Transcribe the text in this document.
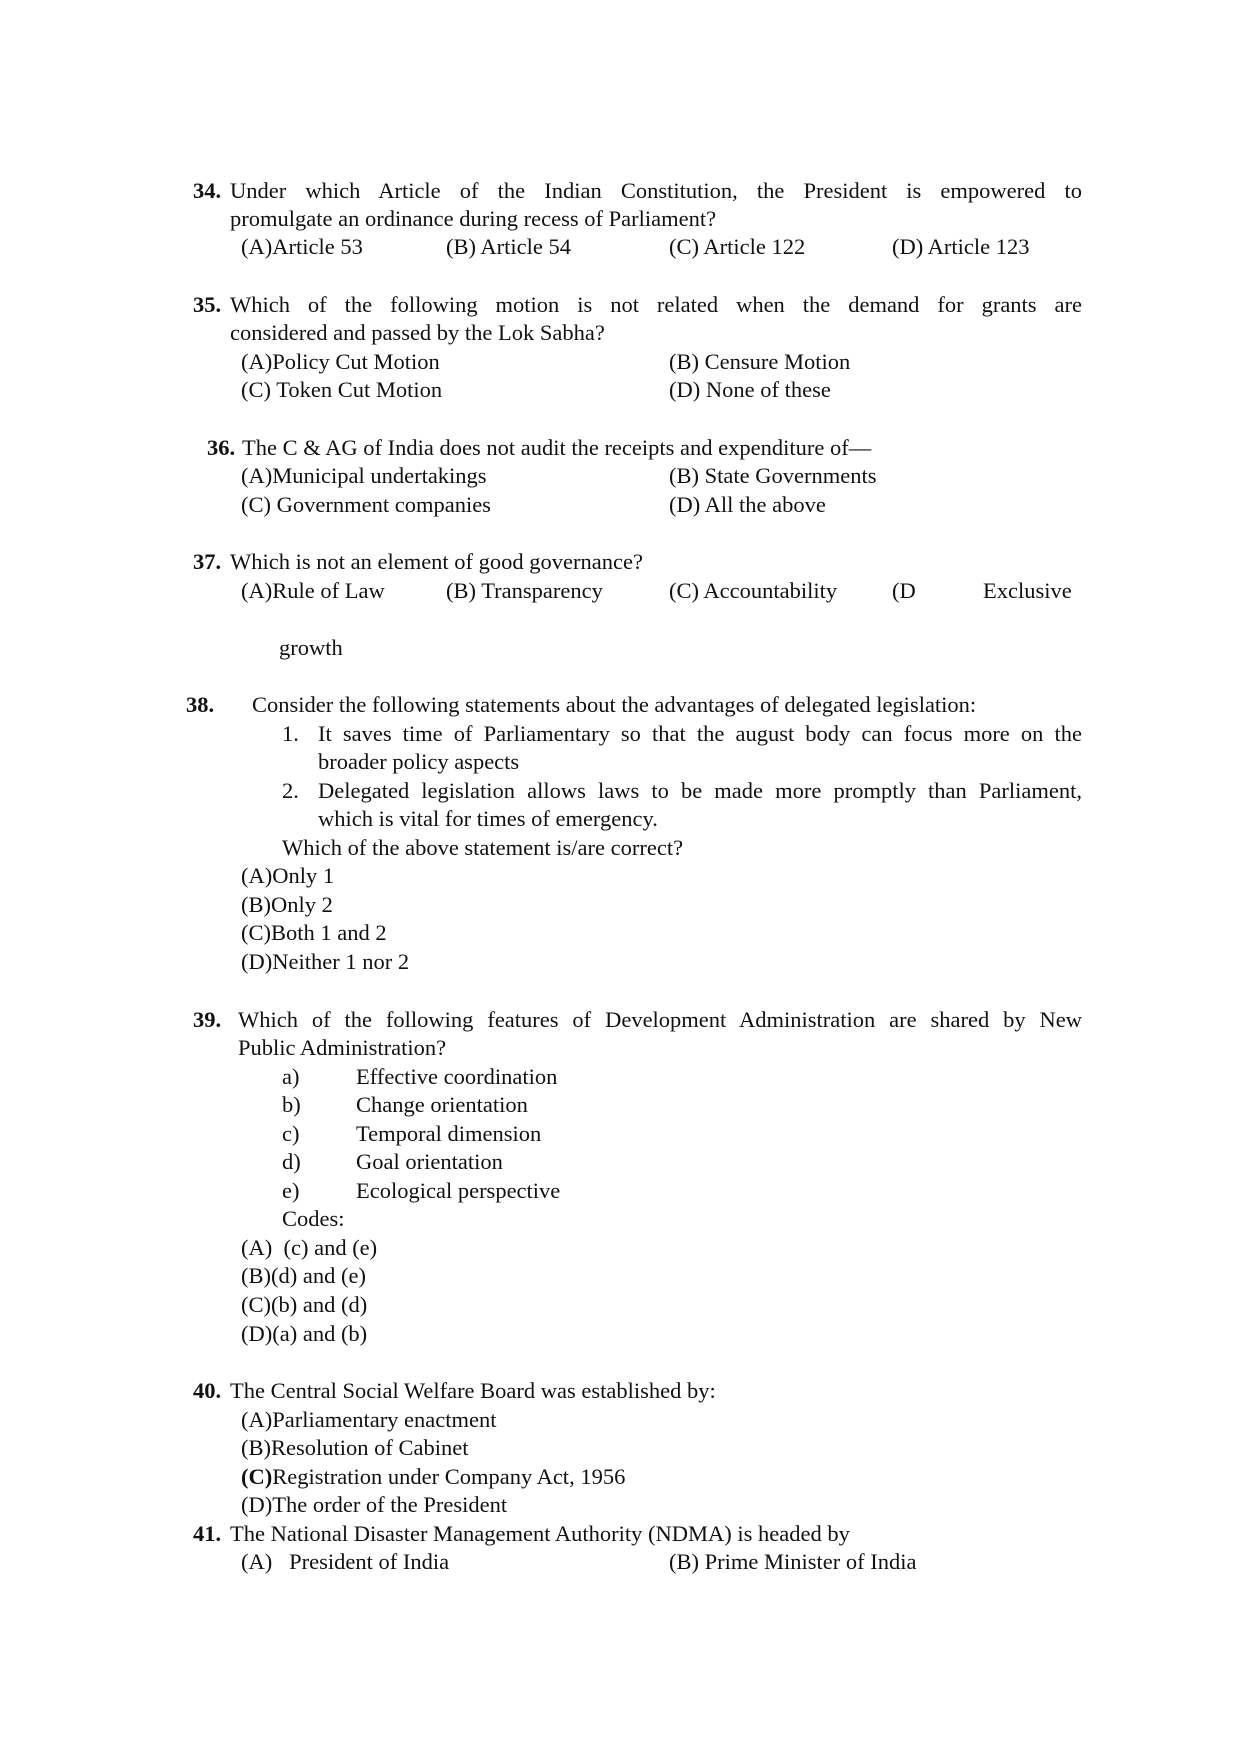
34. Under which Article of the Indian Constitution, the President is empowered to
promulgate an ordinance during recess of Parliament?
(A)Article 53	(B) Article 54	(C) Article 122	(D) Article 123
35. Which of the following motion is not related when the demand for grants are
considered and passed by the Lok Sabha?
(A)Policy Cut Motion	(B) Censure Motion
(C) Token Cut Motion	(D) None of these
36. The C & AG of India does not audit the receipts and expenditure of—
(A)Municipal undertakings	(B) State Governments
(C) Government companies	(D) All the above
37. Which is not an element of good governance?
(A)Rule of Law	(B) Transparency	(C) Accountability (D	Exclusive
growth
38. Consider the following statements about the advantages of delegated legislation:
1. It saves time of Parliamentary so that the august body can focus more on the
broader policy aspects
2. Delegated legislation allows laws to be made more promptly than Parliament,
which is vital for times of emergency.
Which of the above statement is/are correct?
(A)Only 1
(B)Only 2
(C)Both 1 and 2
(D)Neither 1 nor 2
39. Which of the following features of Development Administration are shared by New
Public Administration?
a)	Effective coordination
b) Change orientation
c)	Temporal dimension
d) Goal orientation
e)	Ecological perspective
Codes:
(A) (c) and (e)
(B)(d) and (e)
(C)(b) and (d)
(D)(a) and (b)
40. The Central Social Welfare Board was established by:
(A)Parliamentary enactment
(B)Resolution of Cabinet
(C)Registration under Company Act, 1956
(D)The order of the President
41. The National Disaster Management Authority (NDMA) is headed by
(A) President of India	(B) Prime Minister of India
